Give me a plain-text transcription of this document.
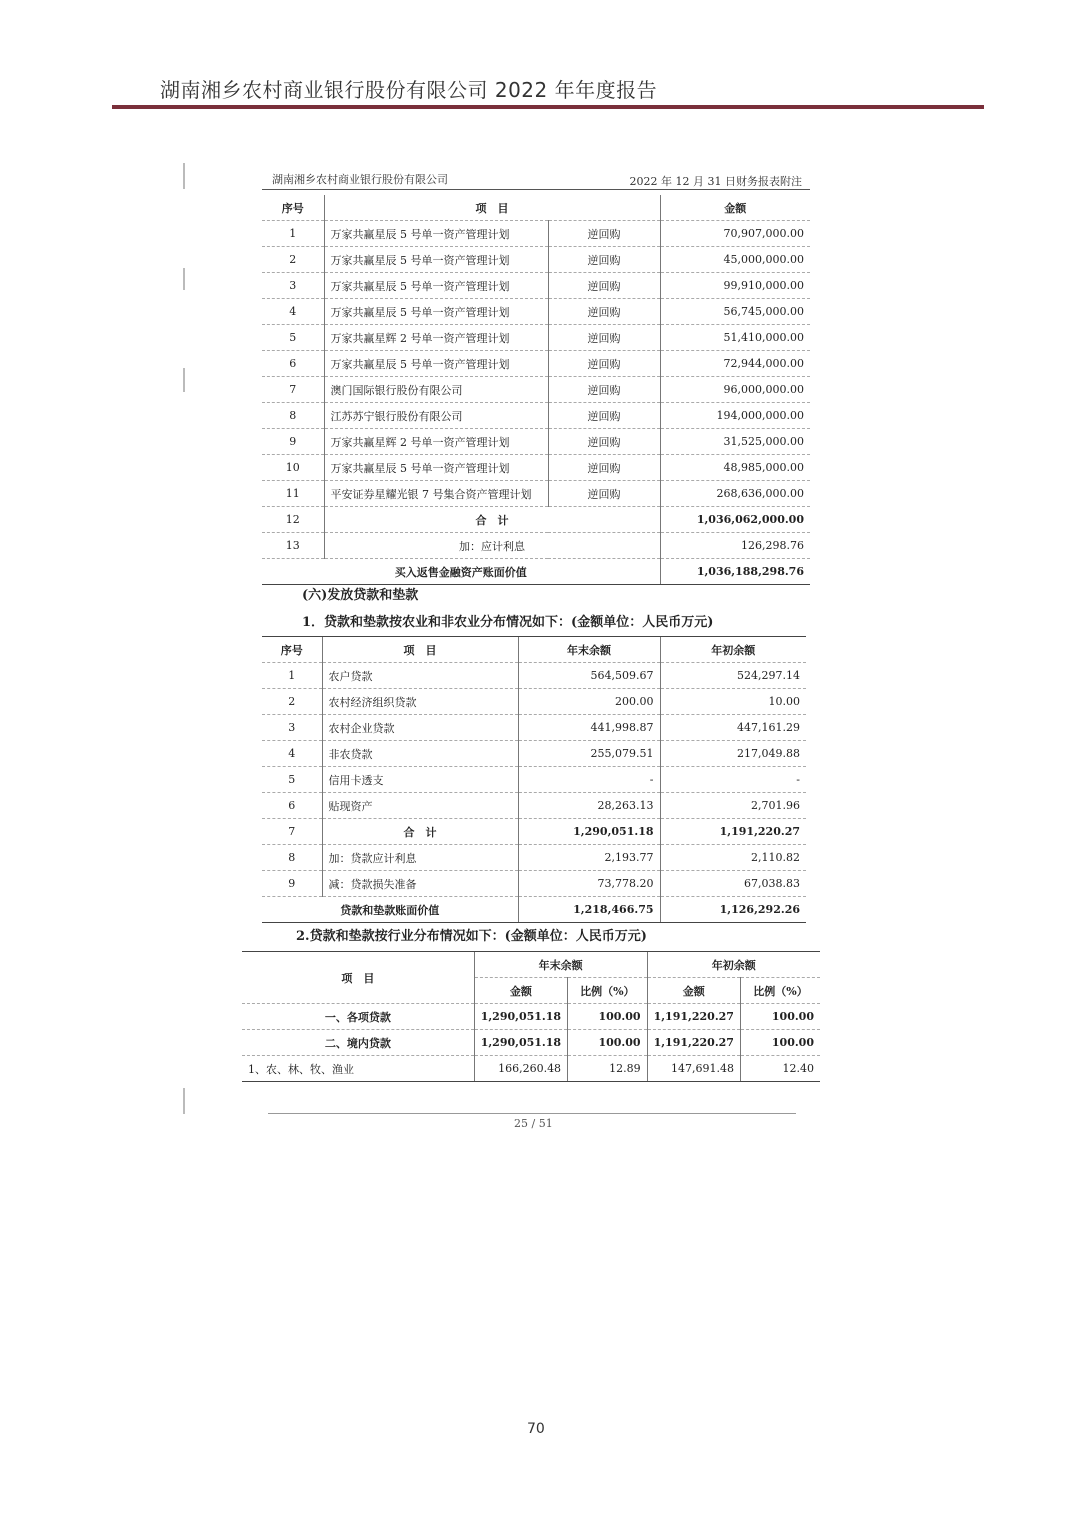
湖南湘乡农村商业银行股份有限公司 2022 年年度报告
湖南湘乡农村商业银行股份有限公司	2022 年 12 月 31 日财务报表附注
序号	项　目		金额
1	万家共赢星辰 5 号单一资产管理计划	逆回购	70,907,000.00
2	万家共赢星辰 5 号单一资产管理计划	逆回购	45,000,000.00
3	万家共赢星辰 5 号单一资产管理计划	逆回购	99,910,000.00
4	万家共赢星辰 5 号单一资产管理计划	逆回购	56,745,000.00
5	万家共赢星辉 2 号单一资产管理计划	逆回购	51,410,000.00
6	万家共赢星辰 5 号单一资产管理计划	逆回购	72,944,000.00
7	澳门国际银行股份有限公司	逆回购	96,000,000.00
8	江苏苏宁银行股份有限公司	逆回购	194,000,000.00
9	万家共赢星辉 2 号单一资产管理计划	逆回购	31,525,000.00
10	万家共赢星辰 5 号单一资产管理计划	逆回购	48,985,000.00
11	平安证券星耀光银 7 号集合资产管理计划	逆回购	268,636,000.00
12	合　计		1,036,062,000.00
13	加：应计利息		126,298.76
买入返售金融资产账面价值			1,036,188,298.76
(六)发放贷款和垫款
1．贷款和垫款按农业和非农业分布情况如下：(金额单位：人民币万元)
序号	项　目	年末余额	年初余额
1	农户贷款	564,509.67	524,297.14
2	农村经济组织贷款	200.00	10.00
3	农村企业贷款	441,998.87	447,161.29
4	非农贷款	255,079.51	217,049.88
5	信用卡透支	-	-
6	贴现资产	28,263.13	2,701.96
7	合　计	1,290,051.18	1,191,220.27
8	加：贷款应计利息	2,193.77	2,110.82
9	减：贷款损失准备	73,778.20	67,038.83
贷款和垫款账面价值		1,218,466.75	1,126,292.26
2.贷款和垫款按行业分布情况如下：(金额单位：人民币万元)
项　目	年末余额		年初余额	
	金额	比例（%）	金额	比例（%）
一、各项贷款	1,290,051.18	100.00	1,191,220.27	100.00
二、境内贷款	1,290,051.18	100.00	1,191,220.27	100.00
1、农、林、牧、渔业	166,260.48	12.89	147,691.48	12.40
25 / 51
70
